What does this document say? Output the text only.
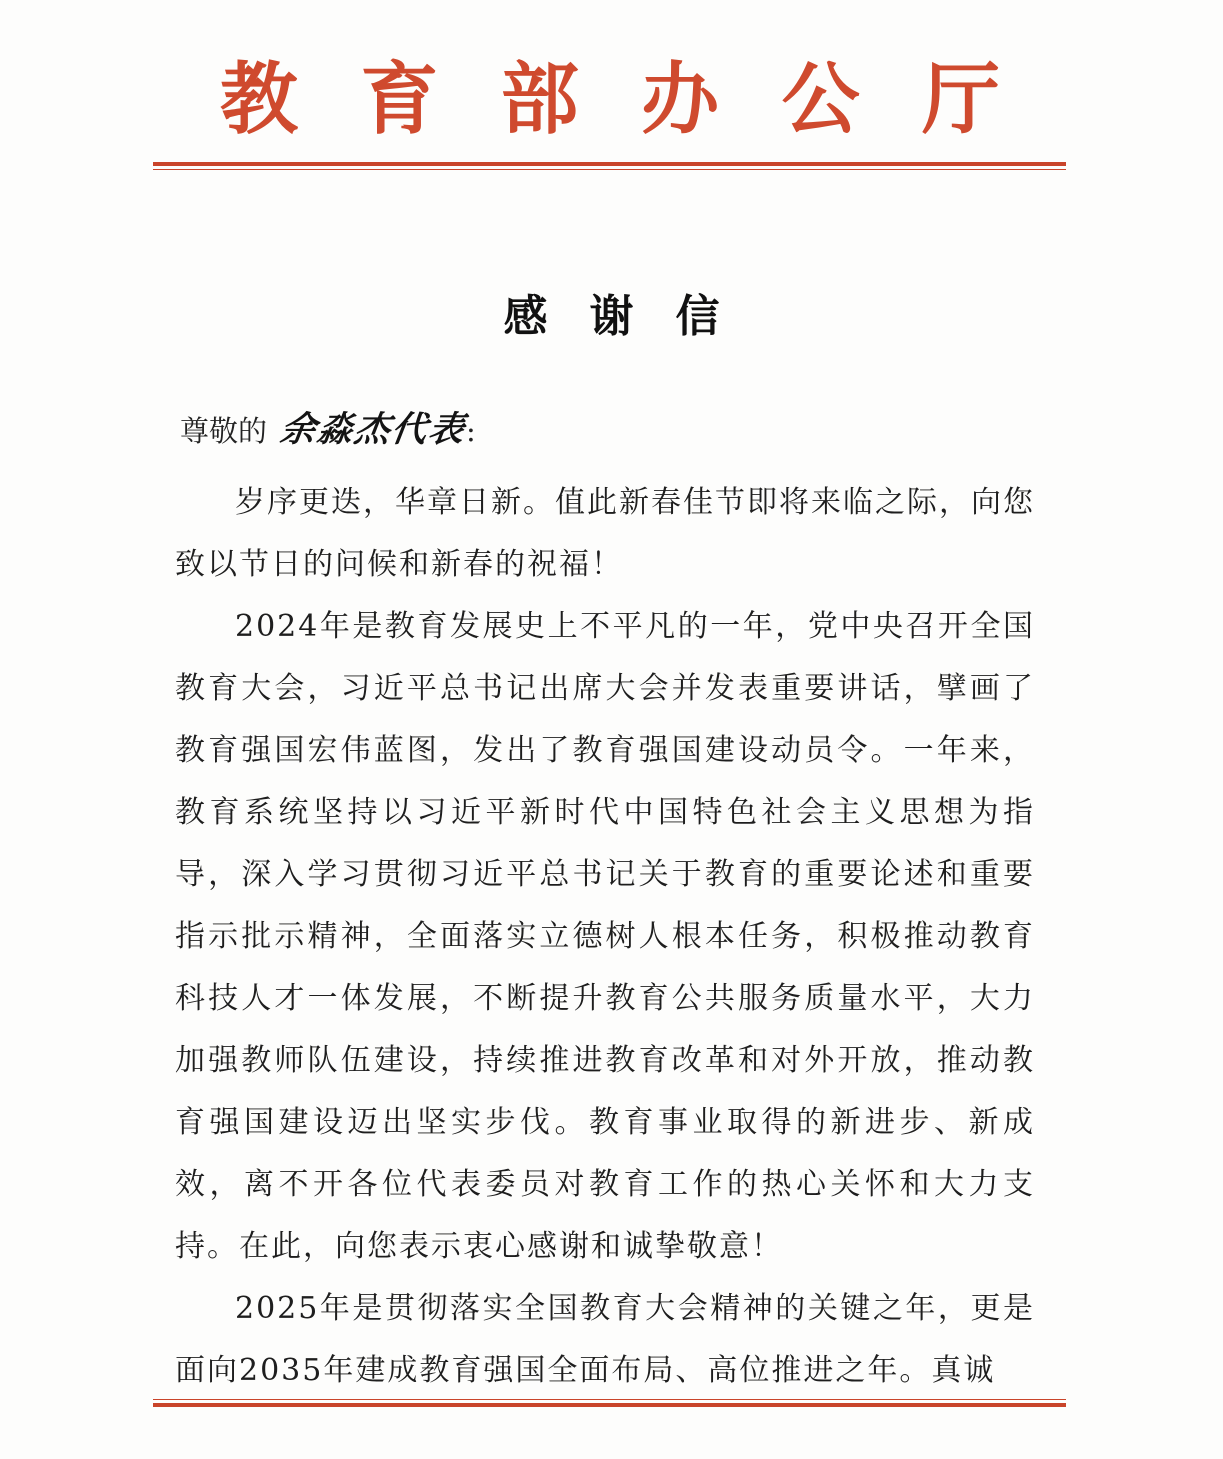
教 育 部 办 公 厅
感谢信
尊敬的 余淼杰代表:

岁序更迭，华章日新。值此新春佳节即将来临之际，向您致以节日的问候和新春的祝福！

2024年是教育发展史上不平凡的一年，党中央召开全国教育大会，习近平总书记出席大会并发表重要讲话，擘画了教育强国宏伟蓝图，发出了教育强国建设动员令。一年来，教育系统坚持以习近平新时代中国特色社会主义思想为指导，深入学习贯彻习近平总书记关于教育的重要论述和重要指示批示精神，全面落实立德树人根本任务，积极推动教育科技人才一体发展，不断提升教育公共服务质量水平，大力加强教师队伍建设，持续推进教育改革和对外开放，推动教育强国建设迈出坚实步伐。教育事业取得的新进步、新成效，离不开各位代表委员对教育工作的热心关怀和大力支持。在此，向您表示衷心感谢和诚挚敬意！

2025年是贯彻落实全国教育大会精神的关键之年，更是面向2035年建成教育强国全面布局、高位推进之年。真诚
